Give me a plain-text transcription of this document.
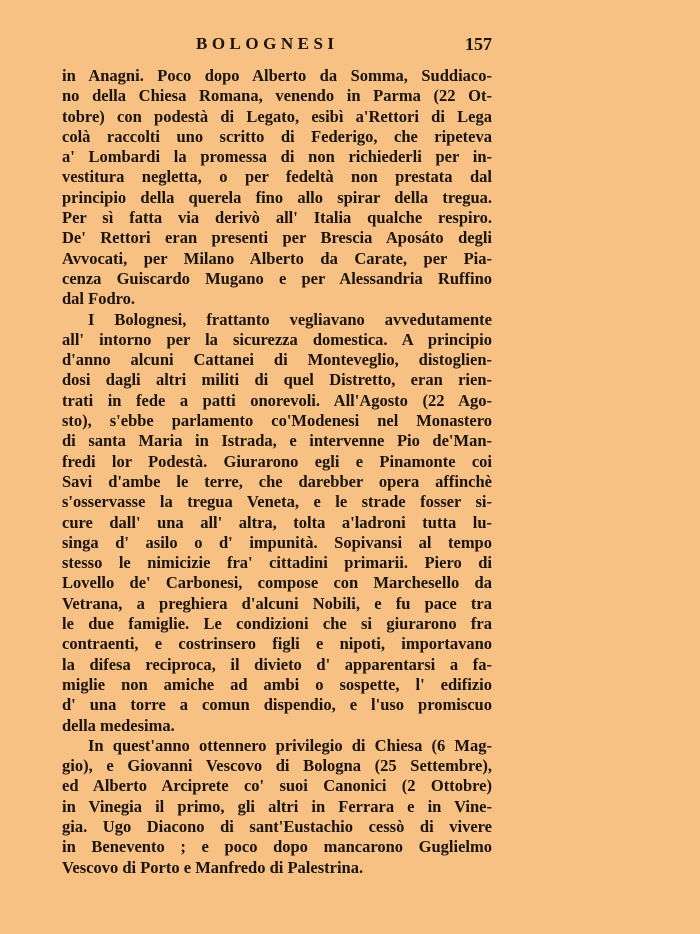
BOLOGNESI	157
in Anagni. Poco dopo Alberto da Somma, Suddiaco-
no della Chiesa Romana, venendo in Parma (22 Ot-
tobre) con podestà di Legato, esibì a'Rettori di Lega
colà raccolti uno scritto di Federigo, che ripeteva
a' Lombardi la promessa di non richiederli per in-
vestitura negletta, o per fedeltà non prestata dal
principio della querela fino allo spirar della tregua.
Per sì fatta via derivò all' Italia qualche respiro.
De' Rettori eran presenti per Brescia Aposáto degli
Avvocati, per Milano Alberto da Carate, per Pia-
cenza Guiscardo Mugano e per Alessandria Ruffino
dal Fodro.
I Bolognesi, frattanto vegliavano avvedutamente
all' intorno per la sicurezza domestica. A principio
d'anno alcuni Cattanei di Monteveglio, distoglien-
dosi dagli altri militi di quel Distretto, eran rien-
trati in fede a patti onorevoli. All'Agosto (22 Ago-
sto), s'ebbe parlamento co'Modenesi nel Monastero
di santa Maria in Istrada, e intervenne Pio de'Man-
fredi lor Podestà. Giurarono egli e Pinamonte coi
Savi d'ambe le terre, che darebber opera affinchè
s'osservasse la tregua Veneta, e le strade fosser si-
cure dall' una all' altra, tolta a'ladroni tutta lu-
singa d' asilo o d' impunità. Sopivansi al tempo
stesso le nimicizie fra' cittadini primarii. Piero di
Lovello de' Carbonesi, compose con Marchesello da
Vetrana, a preghiera d'alcuni Nobili, e fu pace tra
le due famiglie. Le condizioni che si giurarono fra
contraenti, e costrinsero figli e nipoti, importavano
la difesa reciproca, il divieto d' apparentarsi a fa-
miglie non amiche ad ambi o sospette, l' edifizio
d' una torre a comun dispendio, e l'uso promiscuo
della medesima.
In quest'anno ottennero privilegio di Chiesa (6 Mag-
gio), e Giovanni Vescovo di Bologna (25 Settembre),
ed Alberto Arciprete co' suoi Canonici (2 Ottobre)
in Vinegia il primo, gli altri in Ferrara e in Vine-
gia. Ugo Diacono di sant'Eustachio cessò di vivere
in Benevento ; e poco dopo mancarono Guglielmo
Vescovo di Porto e Manfredo di Palestrina.
